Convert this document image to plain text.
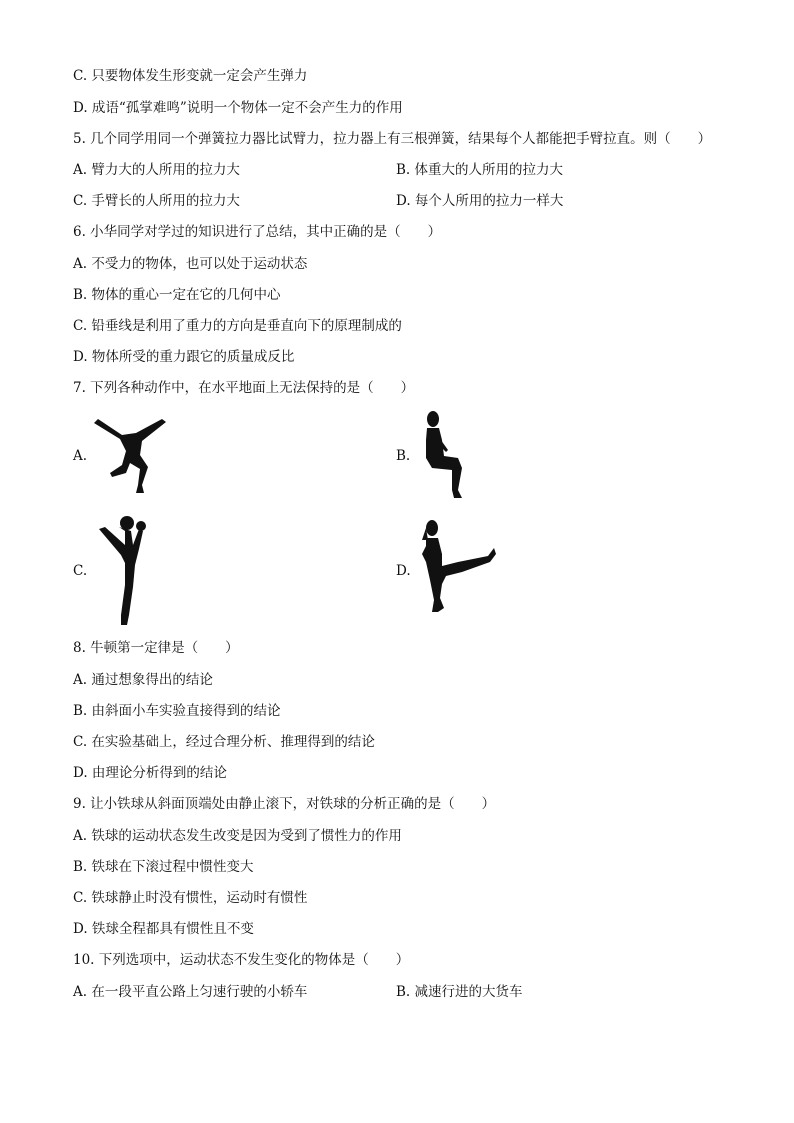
C. 只要物体发生形变就一定会产生弹力
D. 成语“孤掌难鸣”说明一个物体一定不会产生力的作用
5. 几个同学用同一个弹簧拉力器比试臂力，拉力器上有三根弹簧，结果每个人都能把手臂拉直。则（　　）
A. 臂力大的人所用的拉力大	B. 体重大的人所用的拉力大
C. 手臂长的人所用的拉力大	D. 每个人所用的拉力一样大
6. 小华同学对学过的知识进行了总结，其中正确的是（　　）
A. 不受力的物体，也可以处于运动状态
B. 物体的重心一定在它的几何中心
C. 铅垂线是利用了重力的方向是垂直向下的原理制成的
D. 物体所受的重力跟它的质量成反比
7. 下列各种动作中，在水平地面上无法保持的是（　　）
A.	B.
C.	D.
8. 牛顿第一定律是（　　）
A. 通过想象得出的结论
B. 由斜面小车实验直接得到的结论
C. 在实验基础上，经过合理分析、推理得到的结论
D. 由理论分析得到的结论
9. 让小铁球从斜面顶端处由静止滚下，对铁球的分析正确的是（　　）
A. 铁球的运动状态发生改变是因为受到了惯性力的作用
B. 铁球在下滚过程中惯性变大
C. 铁球静止时没有惯性，运动时有惯性
D. 铁球全程都具有惯性且不变
10. 下列选项中，运动状态不发生变化的物体是（　　）
A. 在一段平直公路上匀速行驶的小轿车	B. 减速行进的大货车
